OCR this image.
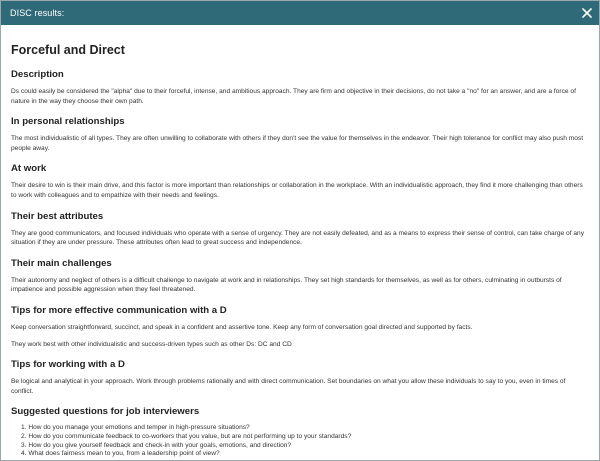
DISC results:
Forceful and Direct
Description

Ds could easily be considered the "alpha" due to their forceful, intense, and ambitious approach. They are firm and objective in their decisions, do not take a "no" for an answer, and are a force of nature in the way they choose their own path.

In personal relationships

The most individualistic of all types. They are often unwilling to collaborate with others if they don't see the value for themselves in the endeavor. Their high tolerance for conflict may also push most people away.

At work

Their desire to win is their main drive, and this factor is more important than relationships or collaboration in the workplace. With an individualistic approach, they find it more challenging than others to work with colleagues and to empathize with their needs and feelings.

Their best attributes

They are good communicators, and focused individuals who operate with a sense of urgency. They are not easily defeated, and as a means to express their sense of control, can take charge of any situation if they are under pressure. These attributes often lead to great success and independence.

Their main challenges

Their autonomy and neglect of others is a difficult challenge to navigate at work and in relationships. They set high standards for themselves, as well as for others, culminating in outbursts of impatience and possible aggression when they feel threatened.

Tips for more effective communication with a D

Keep conversation straightforward, succinct, and speak in a confident and assertive tone. Keep any form of conversation goal directed and supported by facts.

They work best with other individualistic and success-driven types such as other Ds: DC and CD

Tips for working with a D

Be logical and analytical in your approach. Work through problems rationally and with direct communication. Set boundaries on what you allow these individuals to say to you, even in times of conflict.

Suggested questions for job interviewers
1. How do you manage your emotions and temper in high-pressure situations?
2. How do you communicate feedback to co-workers that you value, but are not performing up to your standards?
3. How do you give yourself feedback and check-in with your goals, emotions, and direction?
4. What does fairness mean to you, from a leadership point of view?
